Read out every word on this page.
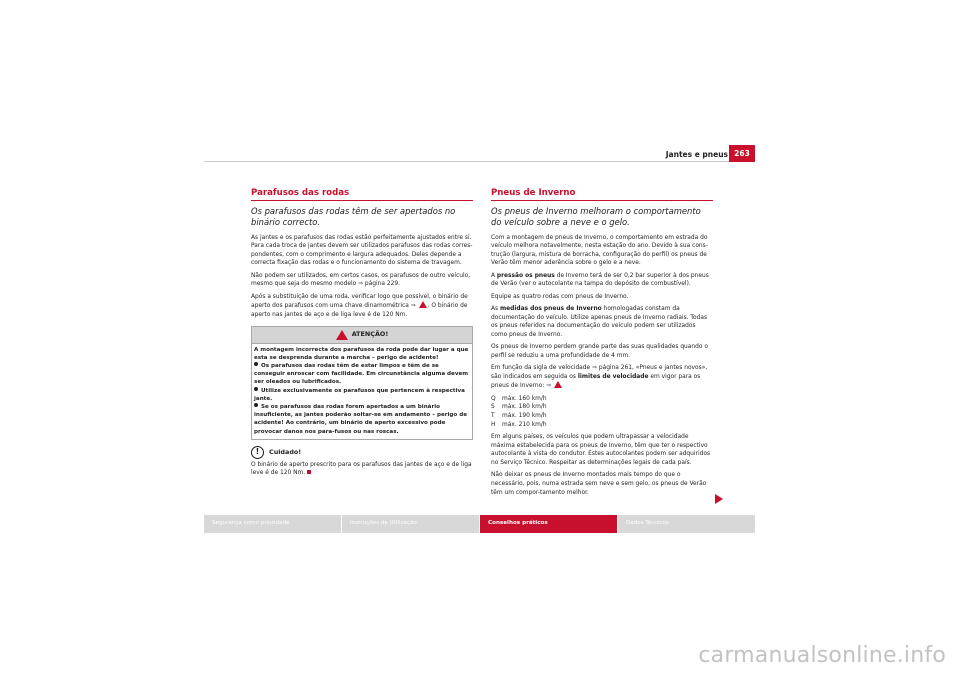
Jantes e pneus 263
Parafusos das rodas
Os parafusos das rodas têm de ser apertados no binário correcto.

As jantes e os parafusos das rodas estão perfeitamente ajustados entre si. Para cada troca de jantes devem ser utilizados parafusos das rodas corres-pondentes, com o comprimento e largura adequados. Deles depende a correcta fixação das rodas e o funcionamento do sistema de travagem.

Não podem ser utilizados, em certos casos, os parafusos de outro veículo, mesmo que seja do mesmo modelo ⇒ página 229.

Após a substituição de uma roda, verificar logo que possível, o binário de aperto dos parafusos com uma chave dinamométrica ⇒ . O binário de aperto nas jantes de aço e de liga leve é de 120 Nm.

ATENÇÃO!
A montagem incorrecta dos parafusos da roda pode dar lugar a que esta se desprenda durante a marcha – perigo de acidente!
Os parafusos das rodas têm de estar limpos e têm de se conseguir enroscar com facilidade. Em circunstância alguma devem ser oleados ou lubrificados.
Utilize exclusivamente os parafusos que pertencem à respectiva jante.
Se os parafusos das rodas forem apertados a um binário insuficiente, as jantes poderão soltar-se em andamento – perigo de acidente! Ao contrário, um binário de aperto excessivo pode provocar danos nos para-fusos ou nas roscas.
!	Cuidado!

O binário de aperto prescrito para os parafusos das jantes de aço e de liga leve é de 120 Nm.

Pneus de Inverno
Os pneus de Inverno melhoram o comportamento do veículo sobre a neve e o gelo.

Com a montagem de pneus de Inverno, o comportamento em estrada do veículo melhora notavelmente, nesta estação do ano. Devido à sua cons-trução (largura, mistura de borracha, configuração do perfil) os pneus de Verão têm menor aderência sobre o gelo e a neve.

A pressão os pneus de Inverno terá de ser 0,2 bar superior à dos pneus de Verão (ver o autocolante na tampa do depósito de combustível).

Equipe as quatro rodas com pneus de Inverno.

As medidas dos pneus de Inverno homologadas constam da documentação do veículo. Utilize apenas pneus de Inverno radiais. Todas os pneus referidos na documentação do veículo podem ser utilizados como pneus de Inverno.

Os pneus de Inverno perdem grande parte das suas qualidades quando o perfil se reduziu a uma profundidade de 4 mm.

Em função da sigla de velocidade ⇒ página 261, «Pneus e jantes novos», são indicados em seguida os limites de velocidade em vigor para os pneus de Inverno: ⇒

Q	máx. 160 km/h
S	máx. 180 km/h
T	máx. 190 km/h
H	máx. 210 km/h

Em alguns países, os veículos que podem ultrapassar a velocidade máxima estabelecida para os pneus de Inverno, têm que ter o respectivo autocolante à vista do condutor. Estes autocolantes podem ser adquiridos no Serviço Técnico. Respeitar as determinações legais de cada país.

Não deixar os pneus de Inverno montados mais tempo do que o necessário, pois, numa estrada sem neve e sem gelo, os pneus de Verão têm um compor-tamento melhor.

Segurança como prioridade	Instruções de Utilização	Conselhos práticos	Dados Técnicos
carmanualsonline.info
